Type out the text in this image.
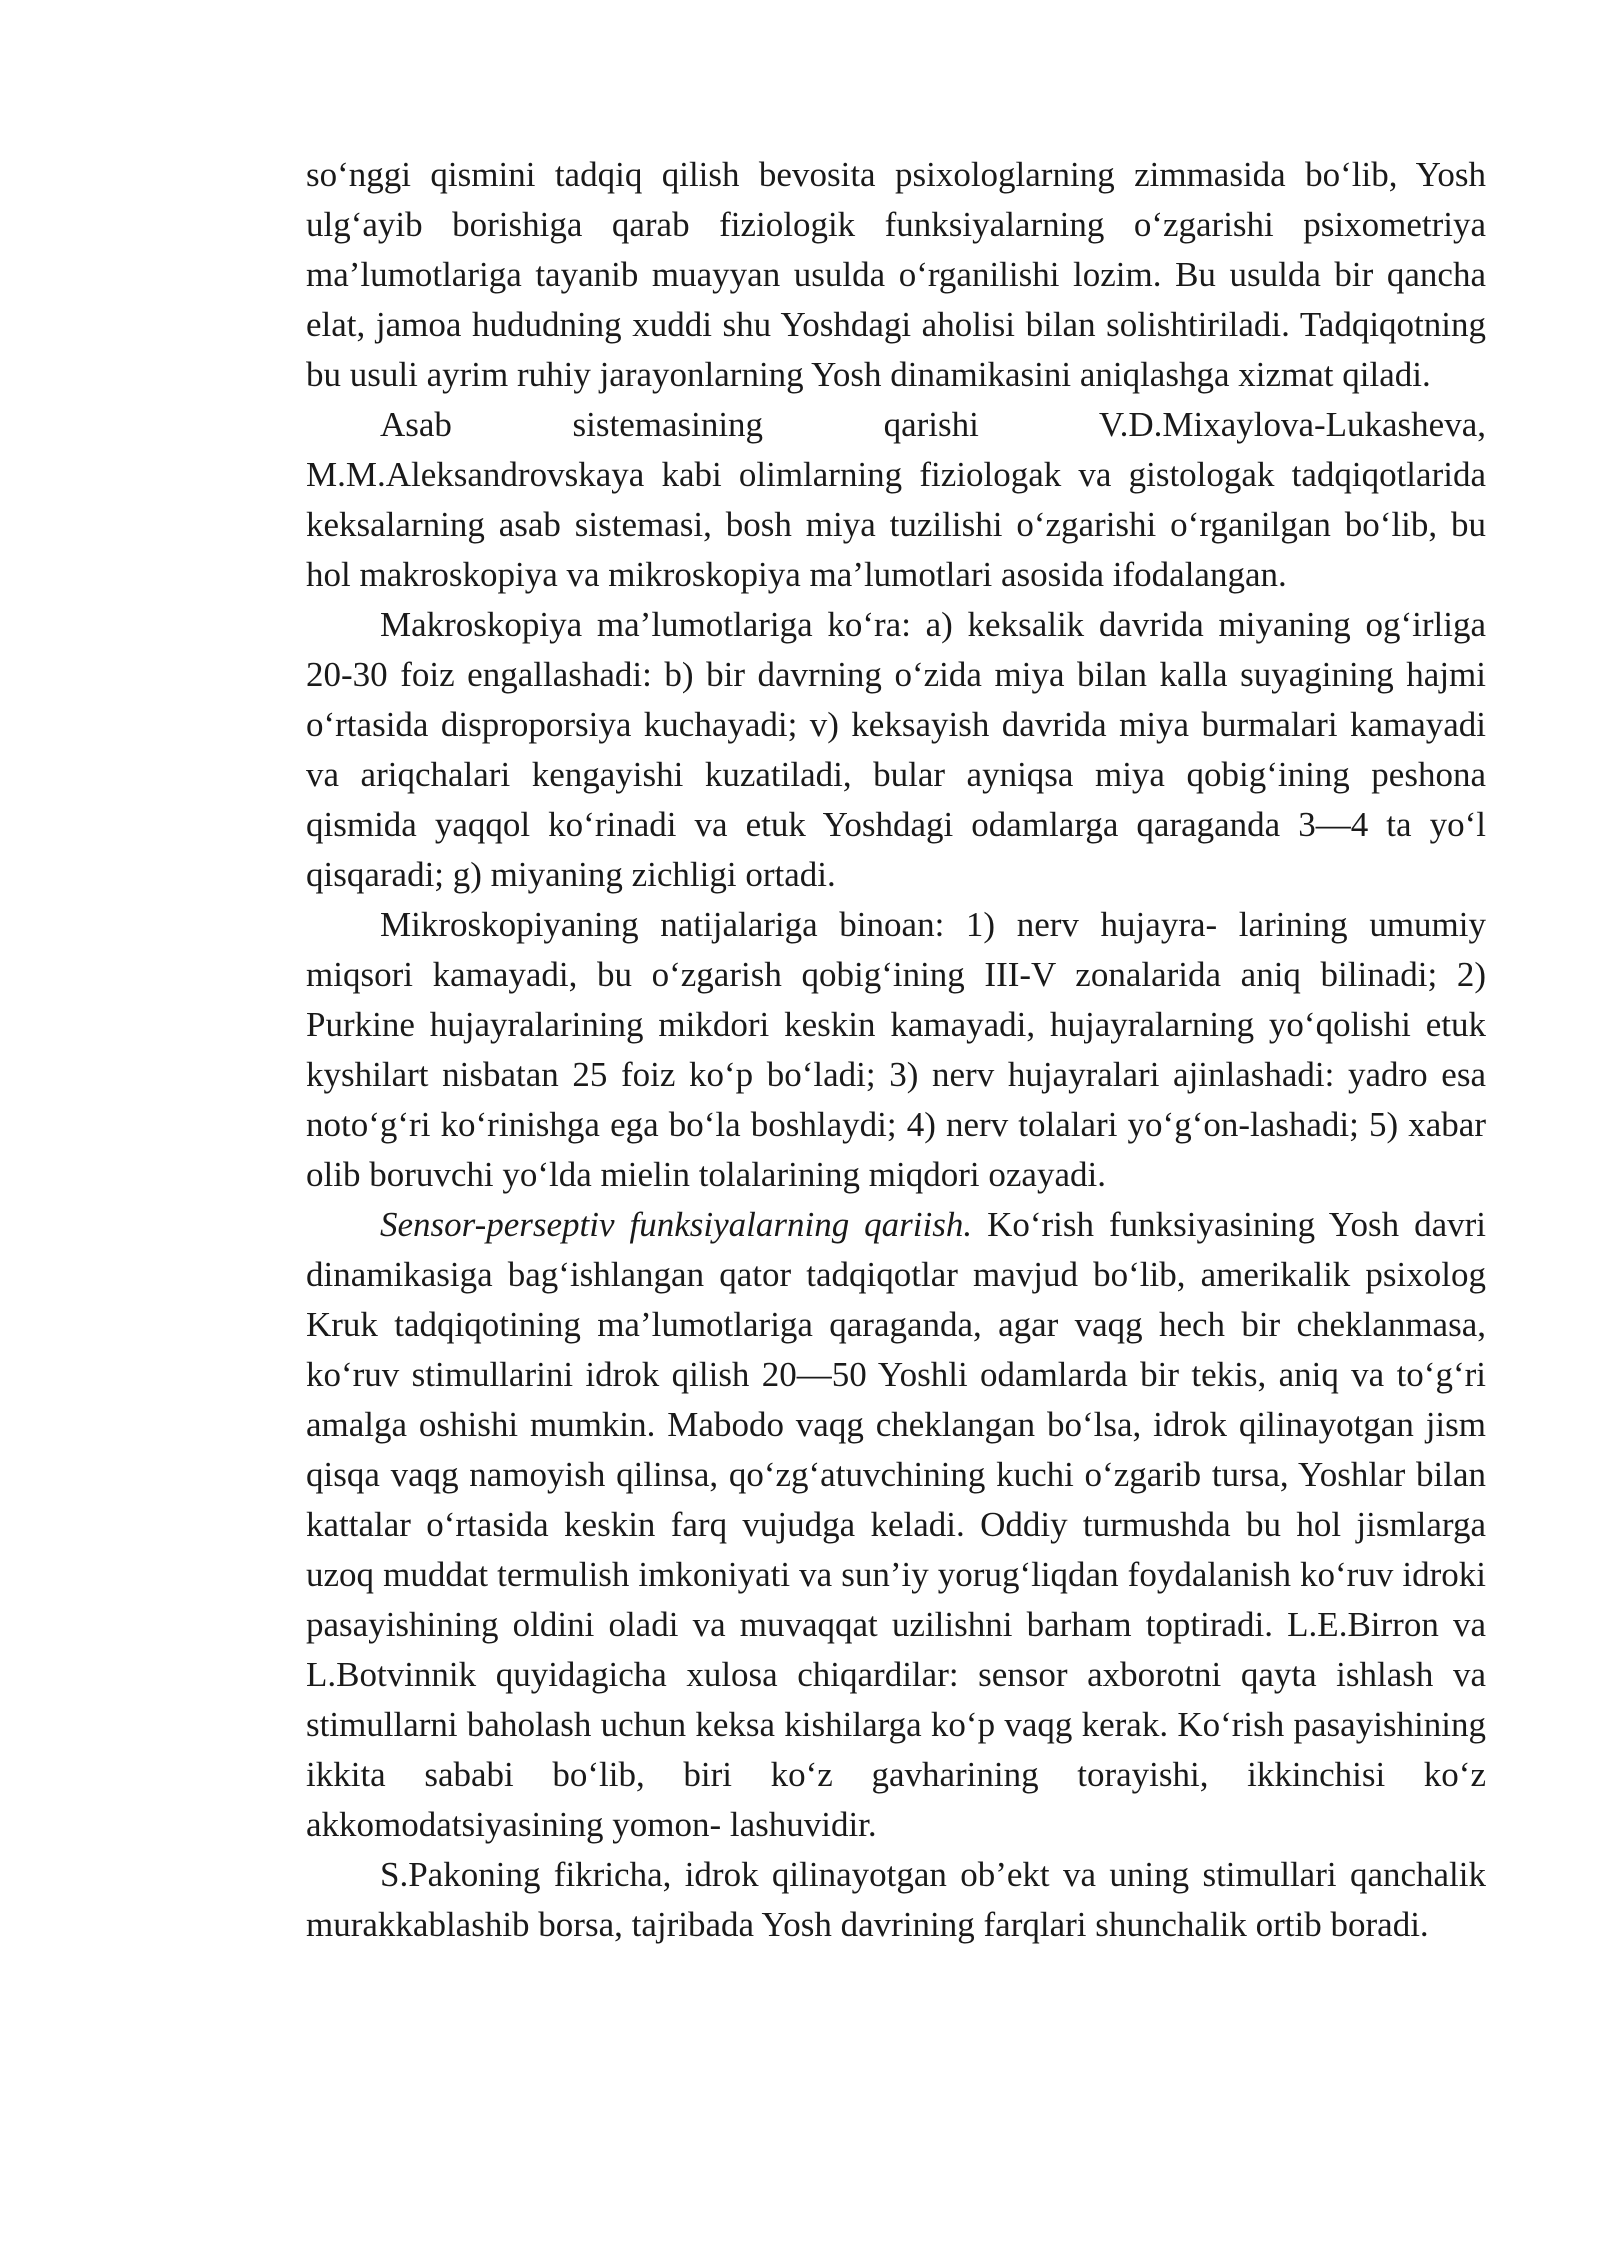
so‘nggi qismini tadqiq qilish bevosita psixologlarning zimmasida bo‘lib, Yosh ulg‘ayib borishiga qarab fiziologik funksiyalarning o‘zgarishi psixometriya ma’lumotlariga tayanib muayyan usulda o‘rganilishi lozim. Bu usulda bir qancha elat, jamoa hududning xuddi shu Yoshdagi aholisi bilan solishtiriladi. Tadqiqotning bu usuli ayrim ruhiy jarayonlarning Yosh dinamikasini aniqlashga xizmat qiladi.

Asab sistemasining qarishi V.D.Mixaylova-Lukasheva, M.M.Aleksandrovskaya kabi olimlarning fiziologak va gistologak tadqiqotlarida keksalarning asab sistemasi, bosh miya tuzilishi o‘zgarishi o‘rganilgan bo‘lib, bu hol makroskopiya va mikroskopiya ma’lumotlari asosida ifodalangan.

Makroskopiya ma’lumotlariga ko‘ra: a) keksalik davrida miyaning og‘irliga 20-30 foiz engallashadi: b) bir davrning o‘zida miya bilan kalla suyagining hajmi o‘rtasida disproporsiya kuchayadi; v) keksayish davrida miya burmalari kamayadi va ariqchalari kengayishi kuzatiladi, bular ayniqsa miya qobig‘ining peshona qismida yaqqol ko‘rinadi va etuk Yoshdagi odamlarga qaraganda 3—4 ta yo‘l qisqaradi; g) miyaning zichligi ortadi.

Mikroskopiyaning natijalariga binoan: 1) nerv hujayra- larining umumiy miqsori kamayadi, bu o‘zgarish qobig‘ining III-V zonalarida aniq bilinadi; 2) Purkine hujayralarining mikdori keskin kamayadi, hujayralarning yo‘qolishi etuk kyshilart nisbatan 25 foiz ko‘p bo‘ladi; 3) nerv hujayralari ajinlashadi: yadro esa noto‘g‘ri ko‘rinishga ega bo‘la boshlaydi; 4) nerv tolalari yo‘g‘on-lashadi; 5) xabar olib boruvchi yo‘lda mielin tolalarining miqdori ozayadi.

Sensor-perseptiv funksiyalarning qariish. Ko‘rish funksiyasining Yosh davri dinamikasiga bag‘ishlangan qator tadqiqotlar mavjud bo‘lib, amerikalik psixolog Kruk tadqiqotining ma’lumotlariga qaraganda, agar vaqg hech bir cheklanmasa, ko‘ruv stimullarini idrok qilish 20—50 Yoshli odamlarda bir tekis, aniq va to‘g‘ri amalga oshishi mumkin. Mabodo vaqg cheklangan bo‘lsa, idrok qilinayotgan jism qisqa vaqg namoyish qilinsa, qo‘zg‘atuvchining kuchi o‘zgarib tursa, Yoshlar bilan kattalar o‘rtasida keskin farq vujudga keladi. Oddiy turmushda bu hol jismlarga uzoq muddat termulish imkoniyati va sun’iy yorug‘liqdan foydalanish ko‘ruv idroki pasayishining oldini oladi va muvaqqat uzilishni barham toptiradi. L.E.Birron va L.Botvinnik quyidagicha xulosa chiqardilar: sensor axborotni qayta ishlash va stimullarni baholash uchun keksa kishilarga ko‘p vaqg kerak. Ko‘rish pasayishining ikkita sababi bo‘lib, biri ko‘z gavharining torayishi, ikkinchisi ko‘z akkomodatsiyasining yomon- lashuvidir.

S.Pakoning fikricha, idrok qilinayotgan ob’ekt va uning stimullari qanchalik murakkablashib borsa, tajribada Yosh davrining farqlari shunchalik ortib boradi.
